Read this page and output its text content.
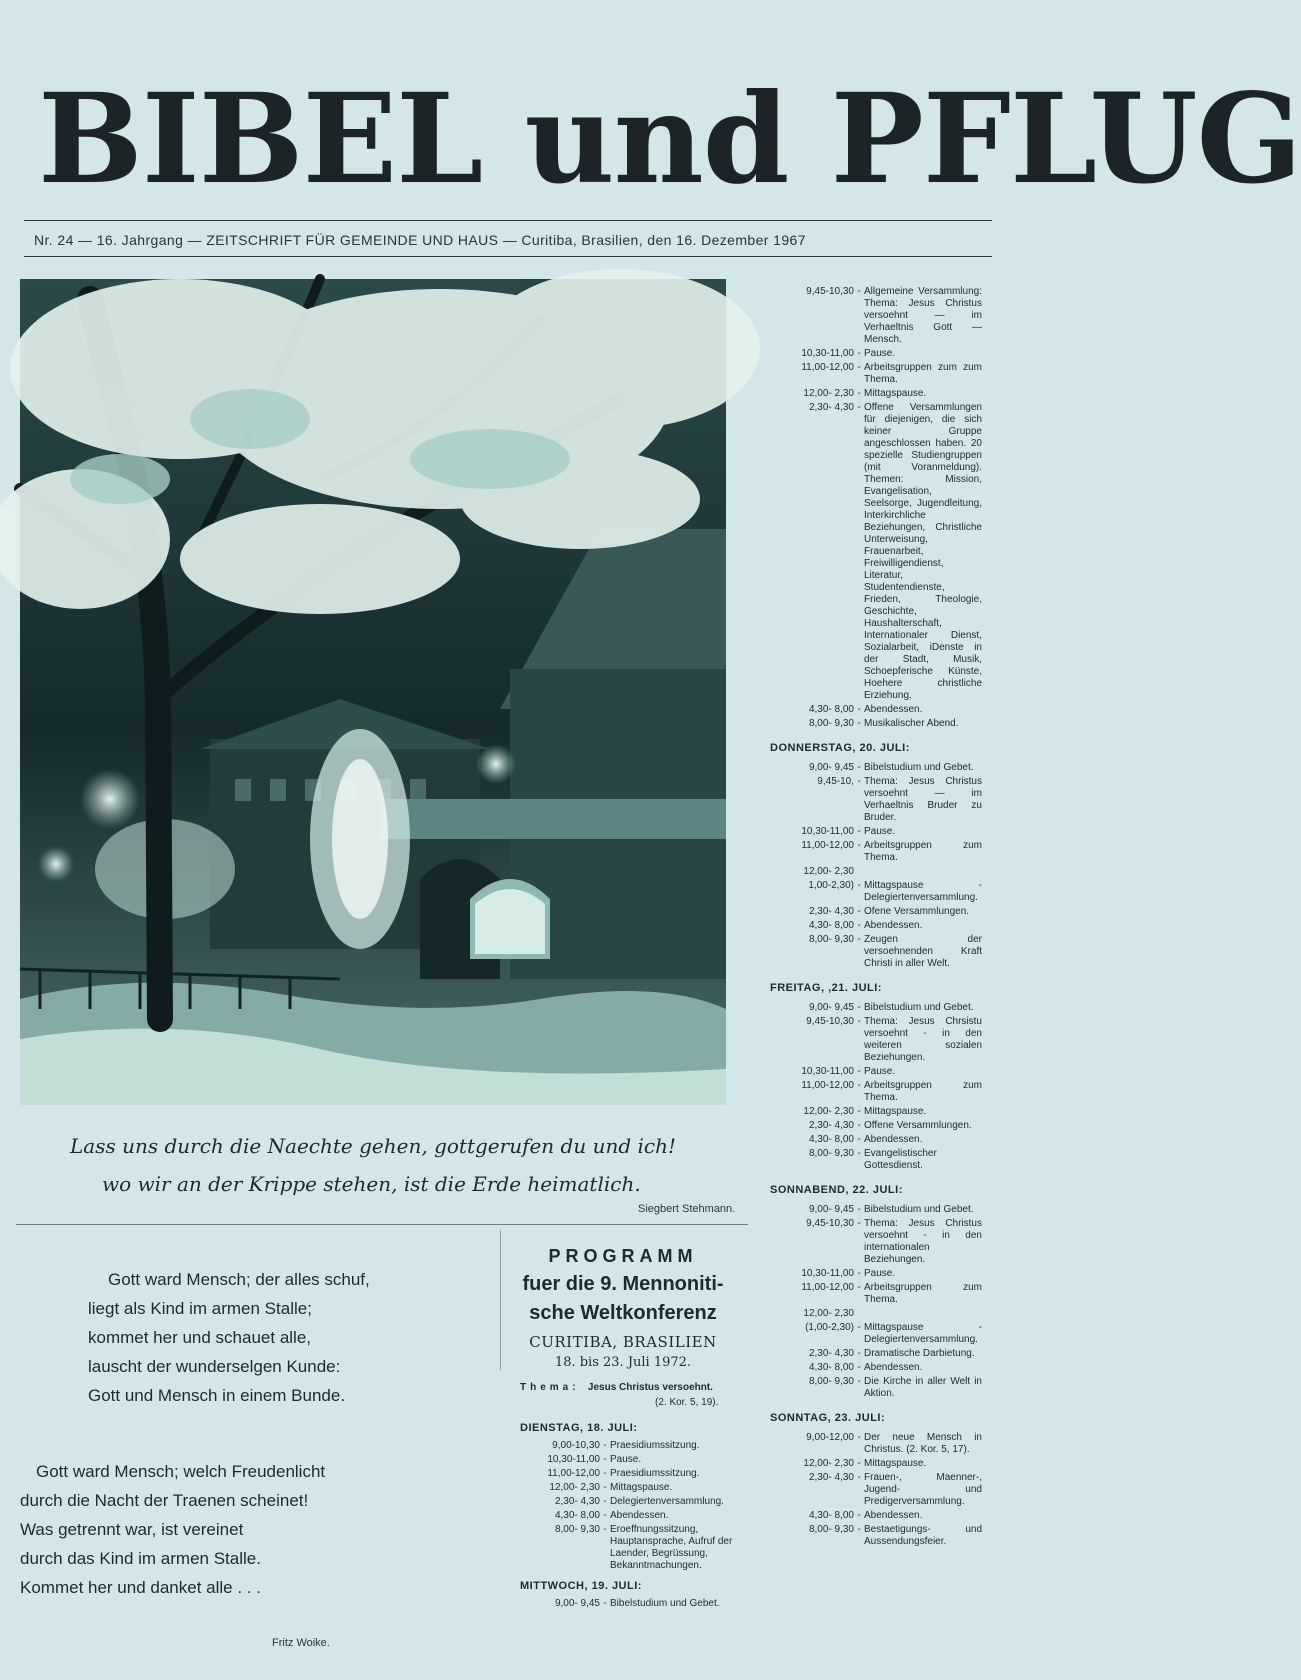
BIBEL und PFLUG
Nr. 24 — 16. Jahrgang — ZEITSCHRIFT FÜR GEMEINDE UND HAUS — Curitiba, Brasilien, den 16. Dezember 1967
Lass uns durch die Naechte gehen, gottgerufen du und ich!
wo wir an der Krippe stehen, ist die Erde heimatlich.
Siegbert Stehmann.
Gott ward Mensch; der alles schuf,
liegt als Kind im armen Stalle;
kommet her und schauet alle,
lauscht der wunderselgen Kunde:
Gott und Mensch in einem Bunde.
Gott ward Mensch; welch Freudenlicht
durch die Nacht der Traenen scheinet!
Was getrennt war, ist vereinet
durch das Kind im armen Stalle.
Kommet her und danket alle . . .
Fritz Woike.
PROGRAMM
fuer die 9. Mennoniti-
sche Weltkonferenz
CURITIBA, BRASILIEN
18. bis 23. Juli 1972.
Thema: Jesus Christus versoehnt.
(2. Kor. 5, 19).
DIENSTAG, 18. JULI:
9,00-10,30 - Praesidiumssitzung.
10,30-11,00 - Pause.
11,00-12,00 - Praesidiumssitzung.
12,00- 2,30 - Mittagspause.
2,30- 4,30 - Delegiertenversammlung.
4,30- 8,00 - Abendessen.
8,00- 9,30 - Eroeffnungssitzung, Hauptansprache, Aufruf der Laender, Begrüssung, Bekanntmachungen.
MITTWOCH, 19. JULI:
9,00- 9,45 - Bibelstudium und Gebet.
9,45-10,30 - Allgemeine Versammlung: Thema: Jesus Christus versoehnt — im Verhaeltnis Gott —Mensch.
10,30-11,00 - Pause.
11,00-12,00 - Arbeitsgruppen zum zum Thema.
12,00- 2,30 - Mittagspause.
2,30- 4,30 - Offene Versammlungen für diejenigen, die sich keiner Gruppe angeschlossen haben. 20 spezielle Studiengruppen (mit Voranmeldung). Themen: Mission, Evangelisation, Seelsorge, Jugendleitung, Interkirchliche Beziehungen, Christliche Unterweisung, Frauenarbeit, Freiwilligendienst, Literatur, Studentendienste, Frieden, Theologie, Geschichte, Haushalterschaft, Internationaler Dienst, Sozialarbeit, iDenste in der Stadt, Musik, Schoepferische Künste, Hoehere christliche Erziehung.
4,30- 8,00 - Abendessen.
8,00- 9,30 - Musikalischer Abend.
DONNERSTAG, 20. JULI:
9,00- 9,45 - Bibelstudium und Gebet.
9,45-10, - Thema: Jesus Christus versoehnt — im Verhaeltnis Bruder zu Bruder.
10,30-11,00 - Pause.
11,00-12,00 - Arbeitsgruppen zum Thema.
12,00- 2,30
1,00-2,30) - Mittagspause - Delegiertenversammlung.
2,30- 4,30 - Ofene Versammlungen.
4,30- 8,00 - Abendessen.
8,00- 9,30 - Zeugen der versoehnenden Kraft Christi in aller Welt.
FREITAG, ,21. JULI:
9,00- 9,45 - Bibelstudium und Gebet.
9,45-10,30 - Thema: Jesus Chrsistu versoehnt - in den weiteren sozialen Beziehungen.
10,30-11,00 - Pause.
11,00-12,00 - Arbeitsgruppen zum Thema.
12,00- 2,30 - Mittagspause.
2,30- 4,30 - Offene Versammlungen.
4,30- 8,00 - Abendessen.
8,00- 9,30 - Evangelistischer Gottesdienst.
SONNABEND, 22. JULI:
9,00- 9,45 - Bibelstudium und Gebet.
9,45-10,30 - Thema: Jesus Christus versoehnt - in den internationalen Beziehungen.
10,30-11,00 - Pause.
11,00-12,00 - Arbeitsgruppen zum Thema.
12,00- 2,30
(1,00-2,30) - Mittagspause - Delegiertenversammlung.
2,30- 4,30 - Dramatische Darbietung.
4,30- 8,00 - Abendessen.
8,00- 9,30 - Die Kirche in aller Welt in Aktion.
SONNTAG, 23. JULI:
9,00-12,00 - Der neue Mensch in Christus. (2. Kor. 5, 17).
12,00- 2,30 - Mittagspause.
2,30- 4,30 - Frauen-, Maenner-, Jugend- und Predigerversammlung.
4,30- 8,00 - Abendessen.
8,00- 9,30 - Bestaetigungs- und Aussendungsfeier.
